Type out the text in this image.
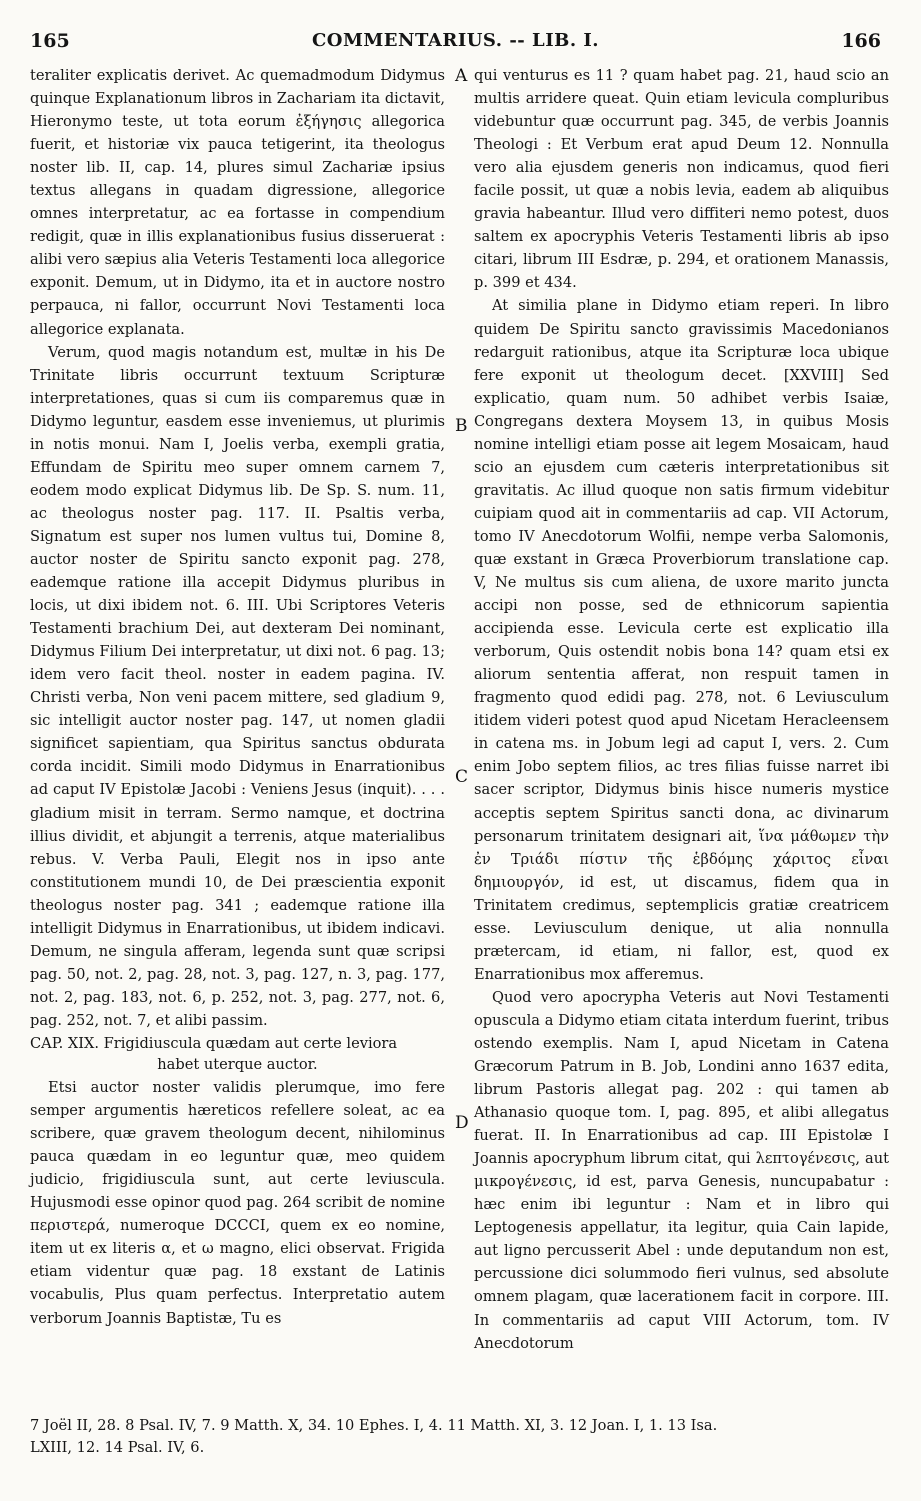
165	COMMENTARIUS. -- LIB. I.	166

teraliter explicatis derivet. Ac quemadmodum Didymus quinque Explanationum libros in Zachariam ita dictavit, Hieronymo teste, ut tota eorum ἐξήγησις allegorica fuerit, et historiæ vix pauca tetigerint, ita theologus noster lib. II, cap. 14, plures simul Zachariæ ipsius textus allegans in quadam digressione, allegorice omnes interpretatur, ac ea fortasse in compendium redigit, quæ in illis explanationibus fusius disseruerat : alibi vero sæpius alia Veteris Testamenti loca allegorice exponit. Demum, ut in Didymo, ita et in auctore nostro perpauca, ni fallor, occurrunt Novi Testamenti loca allegorice explanata.

Verum, quod magis notandum est, multæ in his De Trinitate libris occurrunt textuum Scripturæ interpretationes, quas si cum iis comparemus quæ in Didymo leguntur, easdem esse inveniemus, ut plurimis in notis monui. Nam I, Joelis verba, exempli gratia, Effundam de Spiritu meo super omnem carnem 7, eodem modo explicat Didymus lib. De Sp. S. num. 11, ac theologus noster pag. 117. II. Psaltis verba, Signatum est super nos lumen vultus tui, Domine 8, auctor noster de Spiritu sancto exponit pag. 278, eademque ratione illa accepit Didymus pluribus in locis, ut dixi ibidem not. 6. III. Ubi Scriptores Veteris Testamenti brachium Dei, aut dexteram Dei nominant, Didymus Filium Dei interpretatur, ut dixi not. 6 pag. 13; idem vero facit theol. noster in eadem pagina. IV. Christi verba, Non veni pacem mittere, sed gladium 9, sic intelligit auctor noster pag. 147, ut nomen gladii significet sapientiam, qua Spiritus sanctus obdurata corda incidit. Simili modo Didymus in Enarrationibus ad caput IV Epistolæ Jacobi : Veniens Jesus (inquit). . . . gladium misit in terram. Sermo namque, et doctrina illius dividit, et abjungit a terrenis, atque materialibus rebus. V. Verba Pauli, Elegit nos in ipso ante constitutionem mundi 10, de Dei præscientia exponit theologus noster pag. 341 ; eademque ratione illa intelligit Didymus in Enarrationibus, ut ibidem indicavi. Demum, ne singula afferam, legenda sunt quæ scripsi pag. 50, not. 2, pag. 28, not. 3, pag. 127, n. 3, pag. 177, not. 2, pag. 183, not. 6, p. 252, not. 3, pag. 277, not. 6, pag. 252, not. 7, et alibi passim.

CAP. XIX. Frigidiuscula quædam aut certe leviora

habet uterque auctor.

Etsi auctor noster validis plerumque, imo fere semper argumentis hæreticos refellere soleat, ac ea scribere, quæ gravem theologum decent, nihilominus pauca quædam in eo leguntur quæ, meo quidem judicio, frigidiuscula sunt, aut certe leviuscula. Hujusmodi esse opinor quod pag. 264 scribit de nomine περιστερά, numeroque DCCCI, quem ex eo nomine, item ut ex literis α, et ω magno, elici observat. Frigida etiam videntur quæ pag. 18 exstant de Latinis vocabulis, Plus quam perfectus. Interpretatio autem verborum Joannis Baptistæ, Tu es

A
B
C
D

qui venturus es 11 ? quam habet pag. 21, haud scio an multis arridere queat. Quin etiam levicula compluribus videbuntur quæ occurrunt pag. 345, de verbis Joannis Theologi : Et Verbum erat apud Deum 12. Nonnulla vero alia ejusdem generis non indicamus, quod fieri facile possit, ut quæ a nobis levia, eadem ab aliquibus gravia habeantur. Illud vero diffiteri nemo potest, duos saltem ex apocryphis Veteris Testamenti libris ab ipso citari, librum III Esdræ, p. 294, et orationem Manassis, p. 399 et 434.

At similia plane in Didymo etiam reperi. In libro quidem De Spiritu sancto gravissimis Macedonianos redarguit rationibus, atque ita Scripturæ loca ubique fere exponit ut theologum decet. [XXVIII] Sed explicatio, quam num. 50 adhibet verbis Isaiæ, Congregans dextera Moysem 13, in quibus Mosis nomine intelligi etiam posse ait legem Mosaicam, haud scio an ejusdem cum cæteris interpretationibus sit gravitatis. Ac illud quoque non satis firmum videbitur cuipiam quod ait in commentariis ad cap. VII Actorum, tomo IV Anecdotorum Wolfii, nempe verba Salomonis, quæ exstant in Græca Proverbiorum translatione cap. V, Ne multus sis cum aliena, de uxore marito juncta accipi non posse, sed de ethnicorum sapientia accipienda esse. Levicula certe est explicatio illa verborum, Quis ostendit nobis bona 14? quam etsi ex aliorum sententia afferat, non respuit tamen in fragmento quod edidi pag. 278, not. 6 Leviusculum itidem videri potest quod apud Nicetam Heracleensem in catena ms. in Jobum legi ad caput I, vers. 2. Cum enim Jobo septem filios, ac tres filias fuisse narret ibi sacer scriptor, Didymus binis hisce numeris mystice acceptis septem Spiritus sancti dona, ac divinarum personarum trinitatem designari ait, ἵνα μάθωμεν τὴν ἐν Τριάδι πίστιν τῆς ἑβδόμης χάριτος εἶναι δημιουργόν, id est, ut discamus, fidem qua in Trinitatem credimus, septemplicis gratiæ creatricem esse. Leviusculum denique, ut alia nonnulla prætercam, id etiam, ni fallor, est, quod ex Enarrationibus mox afferemus.

Quod vero apocrypha Veteris aut Novi Testamenti opuscula a Didymo etiam citata interdum fuerint, tribus ostendo exemplis. Nam I, apud Nicetam in Catena Græcorum Patrum in B. Job, Londini anno 1637 edita, librum Pastoris allegat pag. 202 : qui tamen ab Athanasio quoque tom. I, pag. 895, et alibi allegatus fuerat. II. In Enarrationibus ad cap. III Epistolæ I Joannis apocryphum librum citat, qui λεπτογένεσις, aut μικρογένεσις, id est, parva Genesis, nuncupabatur : hæc enim ibi leguntur : Nam et in libro qui Leptogenesis appellatur, ita legitur, quia Cain lapide, aut ligno percusserit Abel : unde deputandum non est, percussione dici solummodo fieri vulnus, sed absolute omnem plagam, quæ lacerationem facit in corpore. III. In commentariis ad caput VIII Actorum, tom. IV Anecdotorum

7 Joël II, 28. 8 Psal. IV, 7. 9 Matth. X, 34. 10 Ephes. I, 4. 11 Matth. XI, 3. 12 Joan. I, 1. 13 Isa.
LXIII, 12. 14 Psal. IV, 6.
